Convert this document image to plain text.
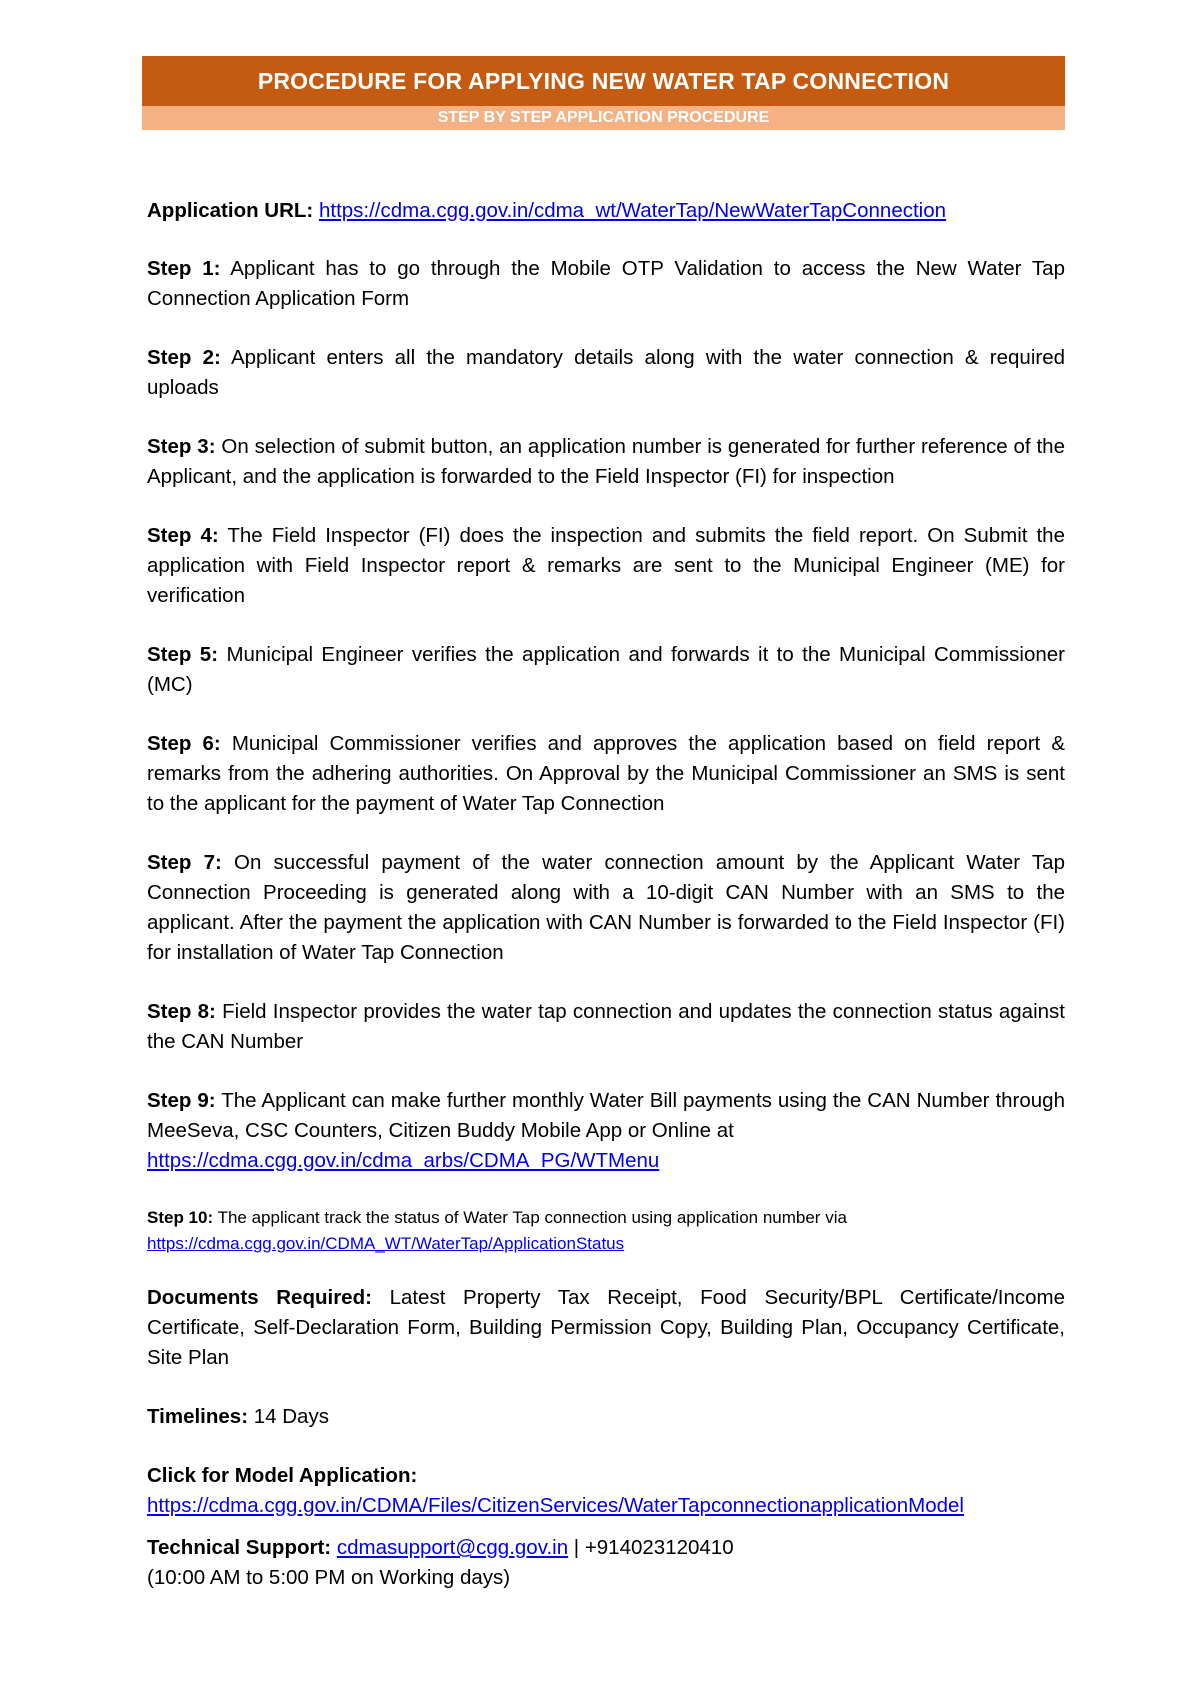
PROCEDURE FOR APPLYING NEW WATER TAP CONNECTION
STEP BY STEP APPLICATION PROCEDURE

Application URL: https://cdma.cgg.gov.in/cdma_wt/WaterTap/NewWaterTapConnection

Step 1: Applicant has to go through the Mobile OTP Validation to access the New Water Tap Connection Application Form

Step 2: Applicant enters all the mandatory details along with the water connection & required uploads

Step 3: On selection of submit button, an application number is generated for further reference of the Applicant, and the application is forwarded to the Field Inspector (FI) for inspection

Step 4: The Field Inspector (FI) does the inspection and submits the field report. On Submit the application with Field Inspector report & remarks are sent to the Municipal Engineer (ME) for verification

Step 5: Municipal Engineer verifies the application and forwards it to the Municipal Commissioner (MC)

Step 6: Municipal Commissioner verifies and approves the application based on field report & remarks from the adhering authorities. On Approval by the Municipal Commissioner an SMS is sent to the applicant for the payment of Water Tap Connection

Step 7: On successful payment of the water connection amount by the Applicant Water Tap Connection Proceeding is generated along with a 10-digit CAN Number with an SMS to the applicant. After the payment the application with CAN Number is forwarded to the Field Inspector (FI) for installation of Water Tap Connection

Step 8: Field Inspector provides the water tap connection and updates the connection status against the CAN Number

Step 9: The Applicant can make further monthly Water Bill payments using the CAN Number through MeeSeva, CSC Counters, Citizen Buddy Mobile App or Online at
https://cdma.cgg.gov.in/cdma_arbs/CDMA_PG/WTMenu

Step 10: The applicant track the status of Water Tap connection using application number via
https://cdma.cgg.gov.in/CDMA_WT/WaterTap/ApplicationStatus

Documents Required: Latest Property Tax Receipt, Food Security/BPL Certificate/Income Certificate, Self-Declaration Form, Building Permission Copy, Building Plan, Occupancy Certificate, Site Plan

Timelines: 14 Days

Click for Model Application:
https://cdma.cgg.gov.in/CDMA/Files/CitizenServices/WaterTapconnectionapplicationModel

Technical Support: cdmasupport@cgg.gov.in | +914023120410
(10:00 AM to 5:00 PM on Working days)
